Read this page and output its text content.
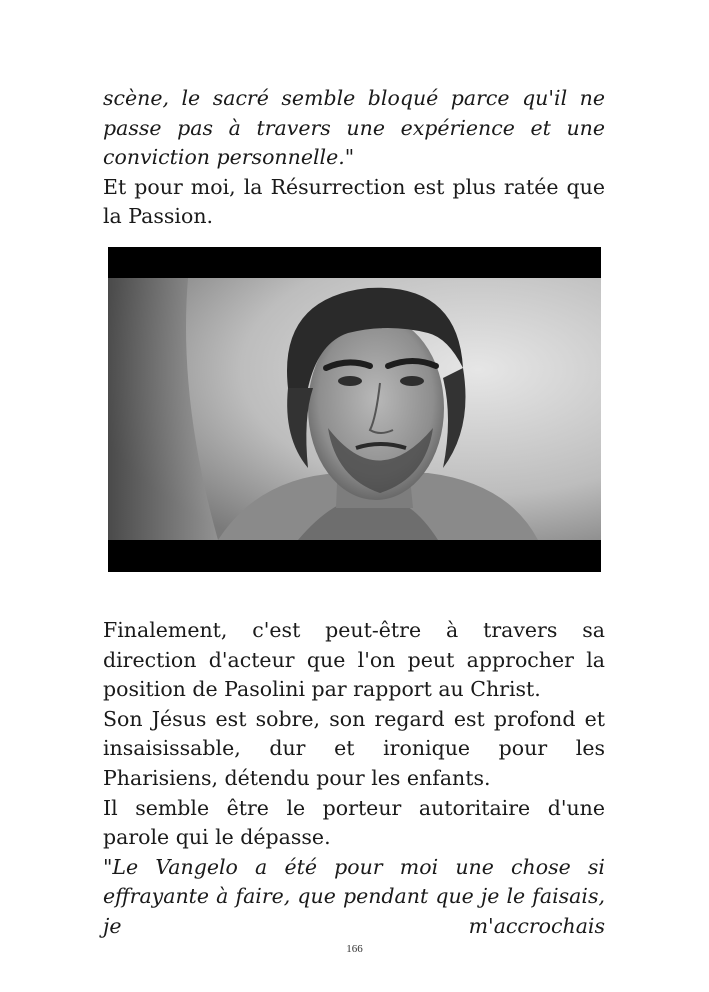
scène, le sacré semble bloqué parce qu'il ne passe pas à travers une expérience et une conviction personnelle."

Et pour moi, la Résurrection est plus ratée que la Passion.

Finalement, c'est peut-être à travers sa direction d'acteur que l'on peut approcher la position de Pasolini par rapport au Christ.

Son Jésus est sobre, son regard est profond et insaisissable, dur et ironique pour les Pharisiens, détendu pour les enfants.

Il semble être le porteur autoritaire d'une parole qui le dépasse.

"Le Vangelo a été pour moi une chose si effrayante à faire, que pendant que je le faisais, je m'accrochais

166
